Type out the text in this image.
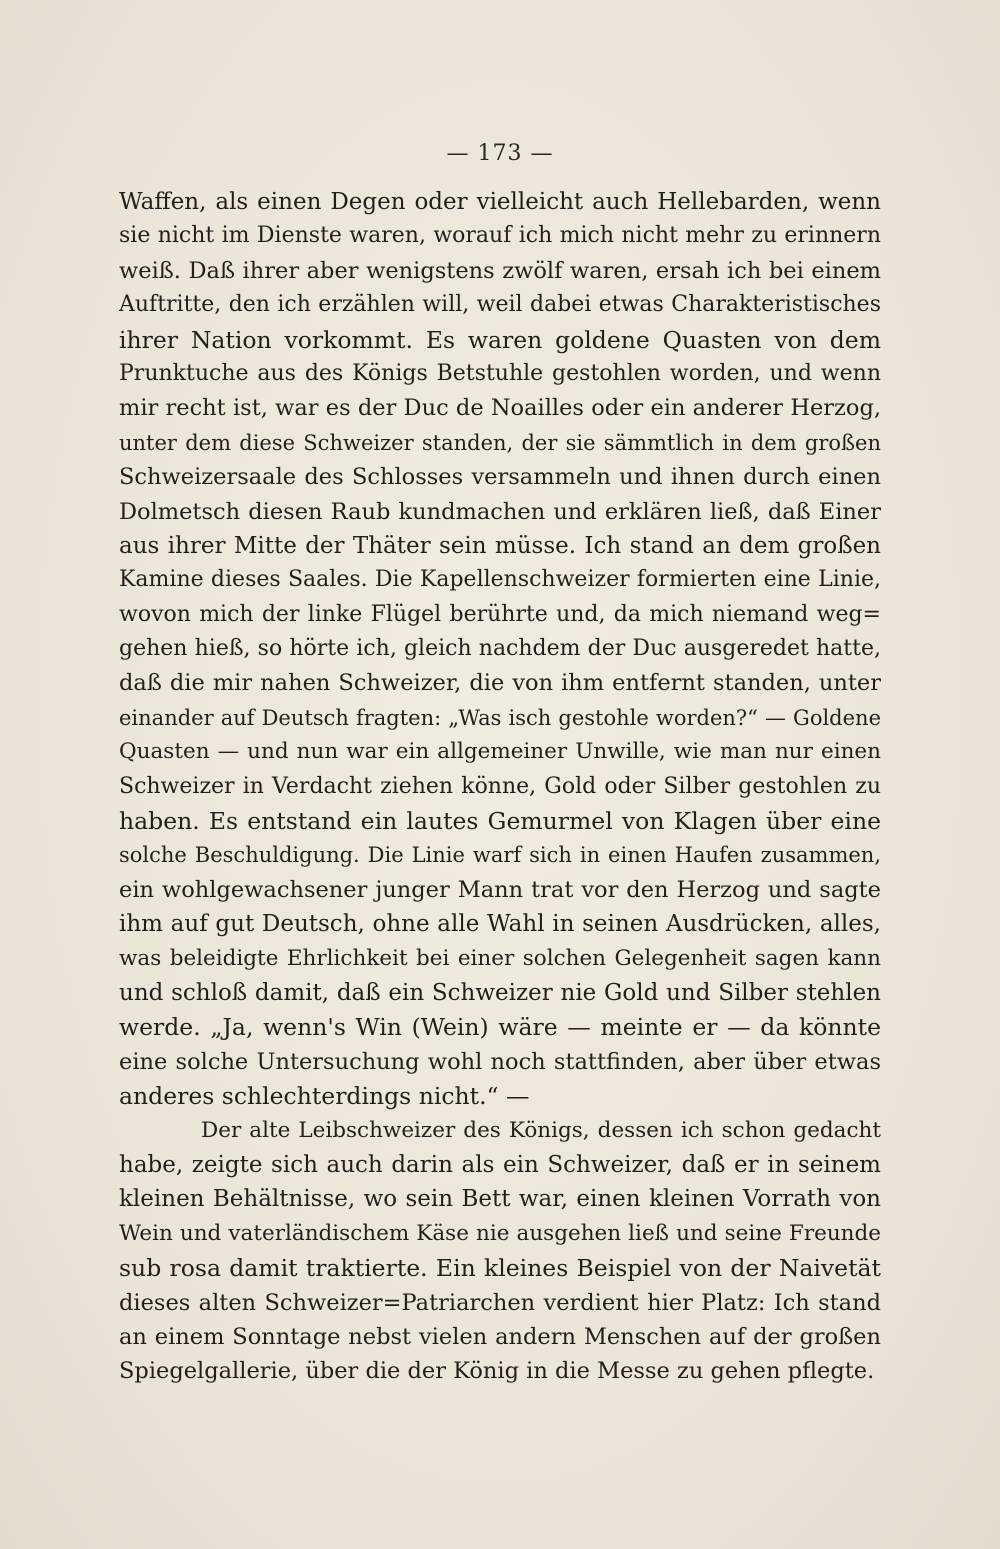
— 173 —
Waffen, als einen Degen oder vielleicht auch Hellebarden, wenn
sie nicht im Dienste waren, worauf ich mich nicht mehr zu erinnern
weiß. Daß ihrer aber wenigstens zwölf waren, ersah ich bei einem
Auftritte, den ich erzählen will, weil dabei etwas Charakteristisches
ihrer Nation vorkommt. Es waren goldene Quasten von dem
Prunktuche aus des Königs Betstuhle gestohlen worden, und wenn
mir recht ist, war es der Duc de Noailles oder ein anderer Herzog,
unter dem diese Schweizer standen, der sie sämmtlich in dem großen
Schweizersaale des Schlosses versammeln und ihnen durch einen
Dolmetsch diesen Raub kundmachen und erklären ließ, daß Einer
aus ihrer Mitte der Thäter sein müsse. Ich stand an dem großen
Kamine dieses Saales. Die Kapellenschweizer formierten eine Linie,
wovon mich der linke Flügel berührte und, da mich niemand weg=
gehen hieß, so hörte ich, gleich nachdem der Duc ausgeredet hatte,
daß die mir nahen Schweizer, die von ihm entfernt standen, unter
einander auf Deutsch fragten: „Was isch gestohle worden?“ — Goldene
Quasten — und nun war ein allgemeiner Unwille, wie man nur einen
Schweizer in Verdacht ziehen könne, Gold oder Silber gestohlen zu
haben. Es entstand ein lautes Gemurmel von Klagen über eine
solche Beschuldigung. Die Linie warf sich in einen Haufen zusammen,
ein wohlgewachsener junger Mann trat vor den Herzog und sagte
ihm auf gut Deutsch, ohne alle Wahl in seinen Ausdrücken, alles,
was beleidigte Ehrlichkeit bei einer solchen Gelegenheit sagen kann
und schloß damit, daß ein Schweizer nie Gold und Silber stehlen
werde. „Ja, wenn's Win (Wein) wäre — meinte er — da könnte
eine solche Untersuchung wohl noch stattfinden, aber über etwas
anderes schlechterdings nicht.“ —
Der alte Leibschweizer des Königs, dessen ich schon gedacht
habe, zeigte sich auch darin als ein Schweizer, daß er in seinem
kleinen Behältnisse, wo sein Bett war, einen kleinen Vorrath von
Wein und vaterländischem Käse nie ausgehen ließ und seine Freunde
sub rosa damit traktierte. Ein kleines Beispiel von der Naivetät
dieses alten Schweizer=Patriarchen verdient hier Platz: Ich stand
an einem Sonntage nebst vielen andern Menschen auf der großen
Spiegelgallerie, über die der König in die Messe zu gehen pflegte.
